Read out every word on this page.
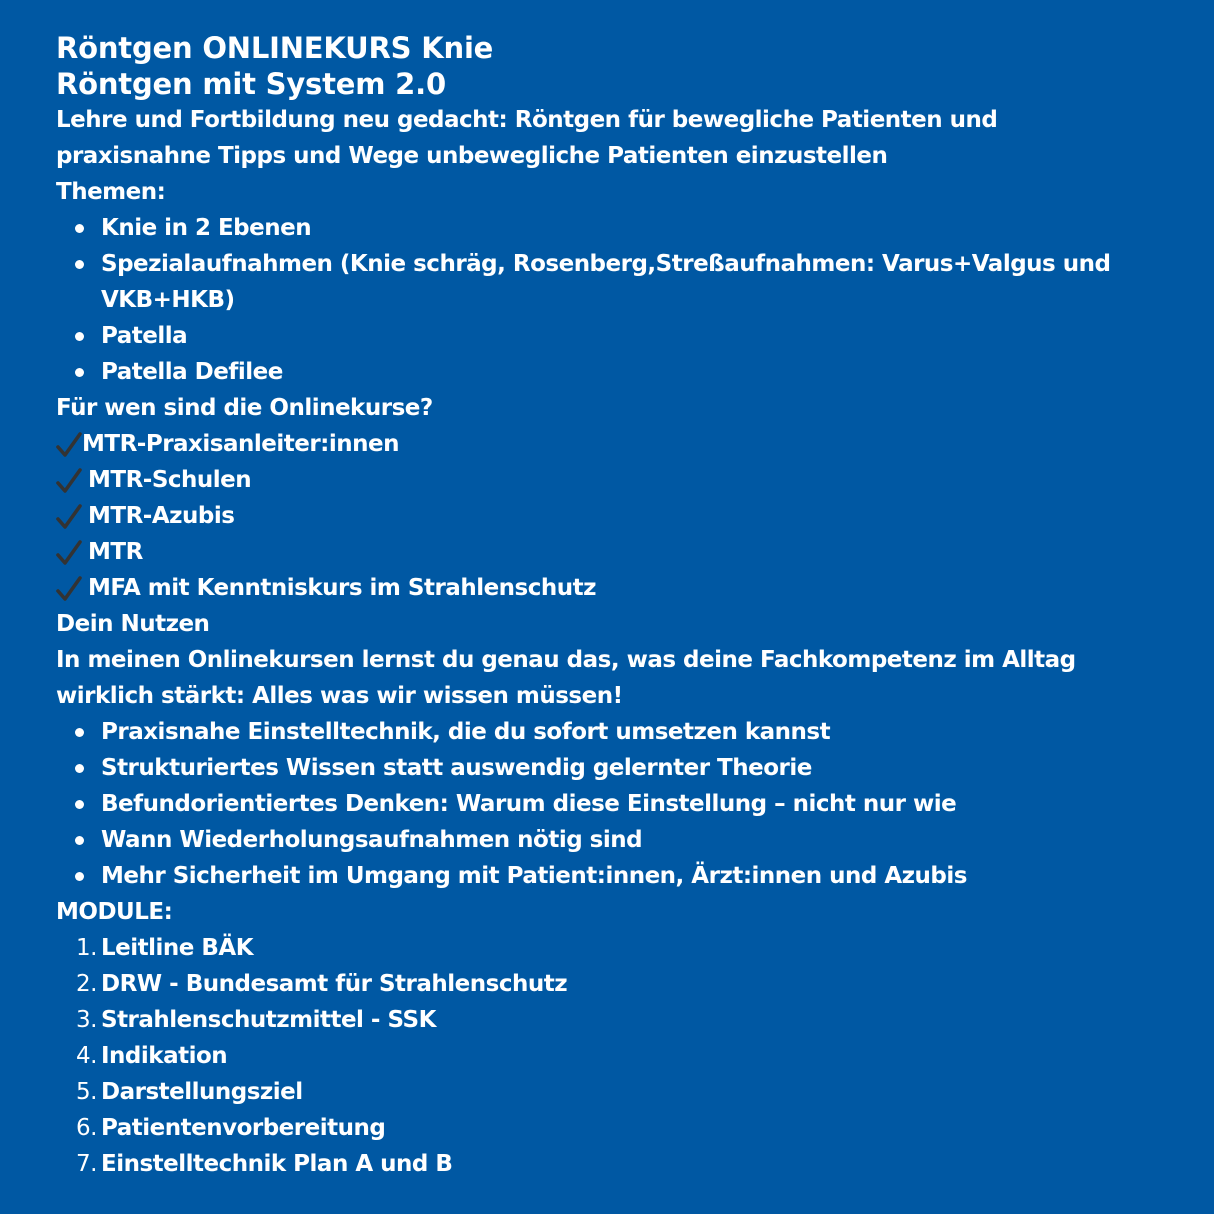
Röntgen ONLINEKURS Knie

Röntgen mit System 2.0

Lehre und Fortbildung neu gedacht: Röntgen für bewegliche Patienten und praxisnahne Tipps und Wege unbewegliche Patienten einzustellen

Themen:

Knie in 2 Ebenen
Spezialaufnahmen (Knie schräg, Rosenberg,Streßaufnahmen: Varus+Valgus und VKB+HKB)
Patella
Patella Defilee

Für wen sind die Onlinekurse?

MTR-Praxisanleiter:innen
MTR-Schulen
MTR-Azubis
MTR
MFA mit Kenntniskurs im Strahlenschutz

Dein Nutzen

In meinen Onlinekursen lernst du genau das, was deine Fachkompetenz im Alltag wirklich stärkt: Alles was wir wissen müssen!

Praxisnahe Einstelltechnik, die du sofort umsetzen kannst
Strukturiertes Wissen statt auswendig gelernter Theorie
Befundorientiertes Denken: Warum diese Einstellung – nicht nur wie
Wann Wiederholungsaufnahmen nötig sind
Mehr Sicherheit im Umgang mit Patient:innen, Ärzt:innen und Azubis

MODULE:

1. Leitline BÄK
2. DRW - Bundesamt für Strahlenschutz
3. Strahlenschutzmittel - SSK
4. Indikation
5. Darstellungsziel
6. Patientenvorbereitung
7. Einstelltechnik Plan A und B
